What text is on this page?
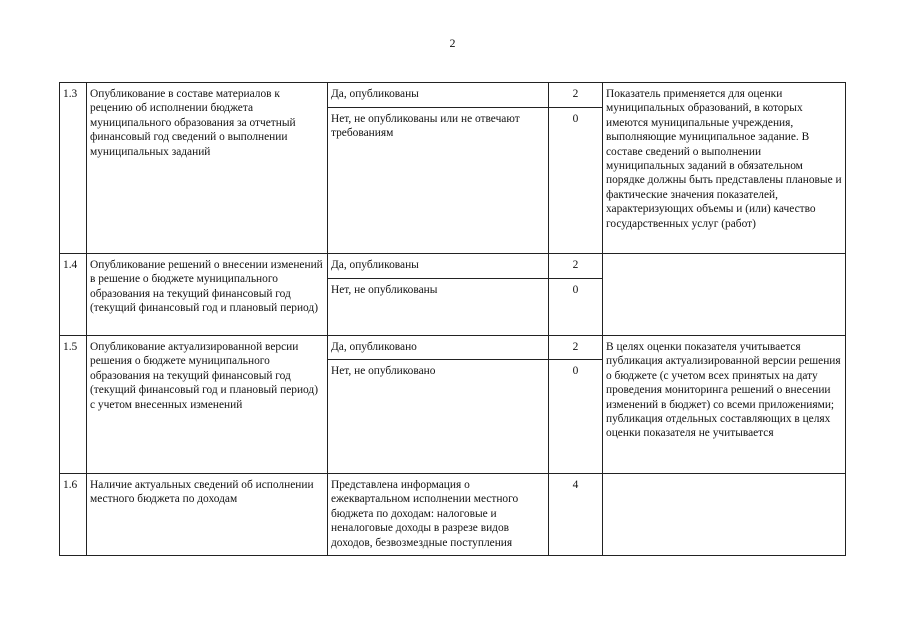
2
1.3	Опубликование в составе материалов к рецению об исполнении бюджета муниципального образования за отчетный финансовый год сведений о выполнении муниципальных заданий	Да, опубликованы	2	Показатель применяется для оценки муниципальных образований, в которых имеются муниципальные учреждения, выполняющие муниципальное задание. В составе сведений о выполнении муниципальных заданий в обязательном порядке должны быть представлены плановые и фактические значения показателей, характеризующих объемы и (или) качество государственных услуг (работ)
		Нет, не опубликованы или не отвечают требованиям	0	
1.4	Опубликование решений о внесении изменений в решение о бюджете муниципального образования на текущий финансовый год (текущий финансовый год и плановый период)	Да, опубликованы	2	
		Нет, не опубликованы	0	
1.5	Опубликование актуализированной версии решения о бюджете муниципального образования на текущий финансовый год (текущий финансовый год и плановый период) с учетом внесенных изменений	Да, опубликовано	2	В целях оценки показателя учитывается публикация актуализированной версии решения о бюджете (с учетом всех принятых на дату проведения мониторинга решений о внесении изменений в бюджет) со всеми приложениями; публикация отдельных составляющих в целях оценки показателя не учитывается
		Нет, не опубликовано	0	
1.6	Наличие актуальных сведений об исполнении местного бюджета по доходам	Представлена информация о ежеквартальном исполнении местного бюджета по доходам: налоговые и неналоговые доходы в разрезе видов доходов, безвозмездные поступления	4	
